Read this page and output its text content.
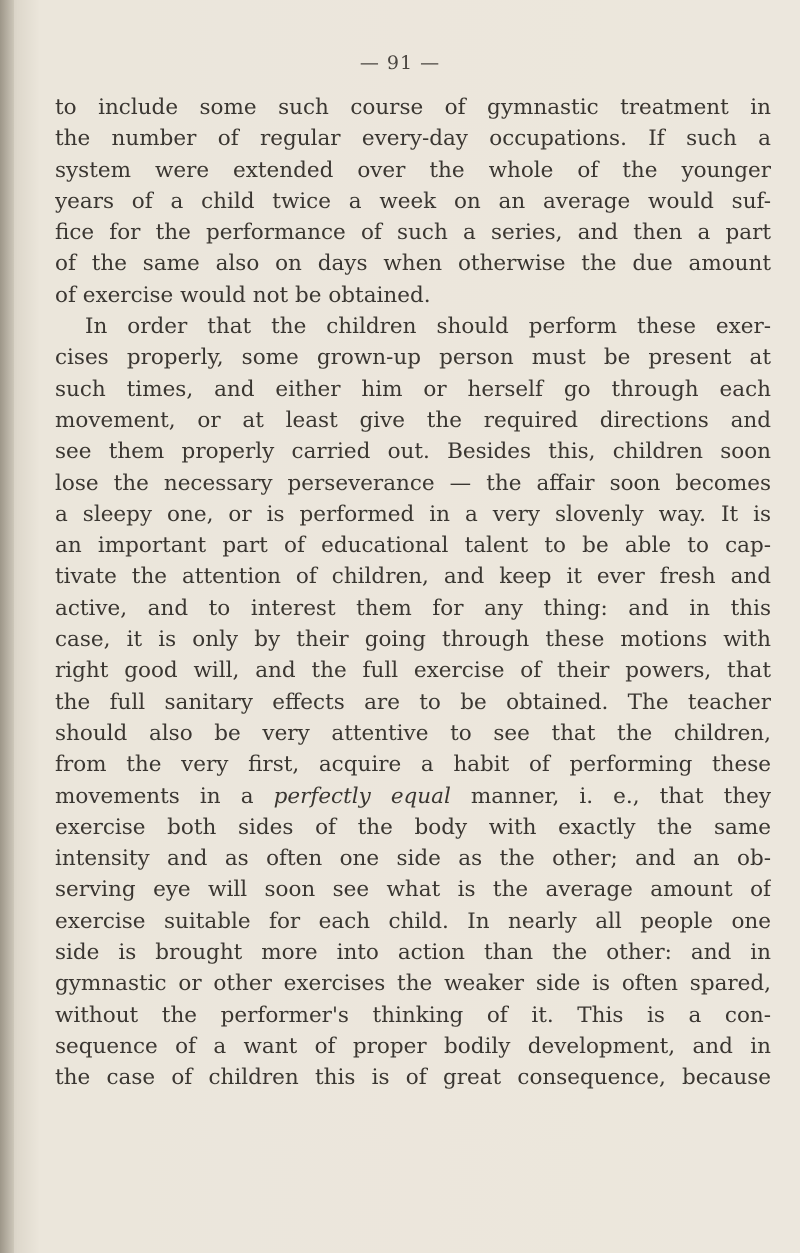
— 91 —
to include some such course of gymnastic treatment in
the number of regular every-day occupations. If such a
system were extended over the whole of the younger
years of a child twice a week on an average would suf-
fice for the performance of such a series, and then a part
of the same also on days when otherwise the due amount
of exercise would not be obtained.
In order that the children should perform these exer-
cises properly, some grown-up person must be present at
such times, and either him or herself go through each
movement, or at least give the required directions and
see them properly carried out. Besides this, children soon
lose the necessary perseverance — the affair soon becomes
a sleepy one, or is performed in a very slovenly way. It is
an important part of educational talent to be able to cap-
tivate the attention of children, and keep it ever fresh and
active, and to interest them for any thing: and in this
case, it is only by their going through these motions with
right good will, and the full exercise of their powers, that
the full sanitary effects are to be obtained. The teacher
should also be very attentive to see that the children,
from the very first, acquire a habit of performing these
movements in a perfectly equal manner, i. e., that they
exercise both sides of the body with exactly the same
intensity and as often one side as the other; and an ob-
serving eye will soon see what is the average amount of
exercise suitable for each child. In nearly all people one
side is brought more into action than the other: and in
gymnastic or other exercises the weaker side is often spared,
without the performer's thinking of it. This is a con-
sequence of a want of proper bodily development, and in
the case of children this is of great consequence, because
